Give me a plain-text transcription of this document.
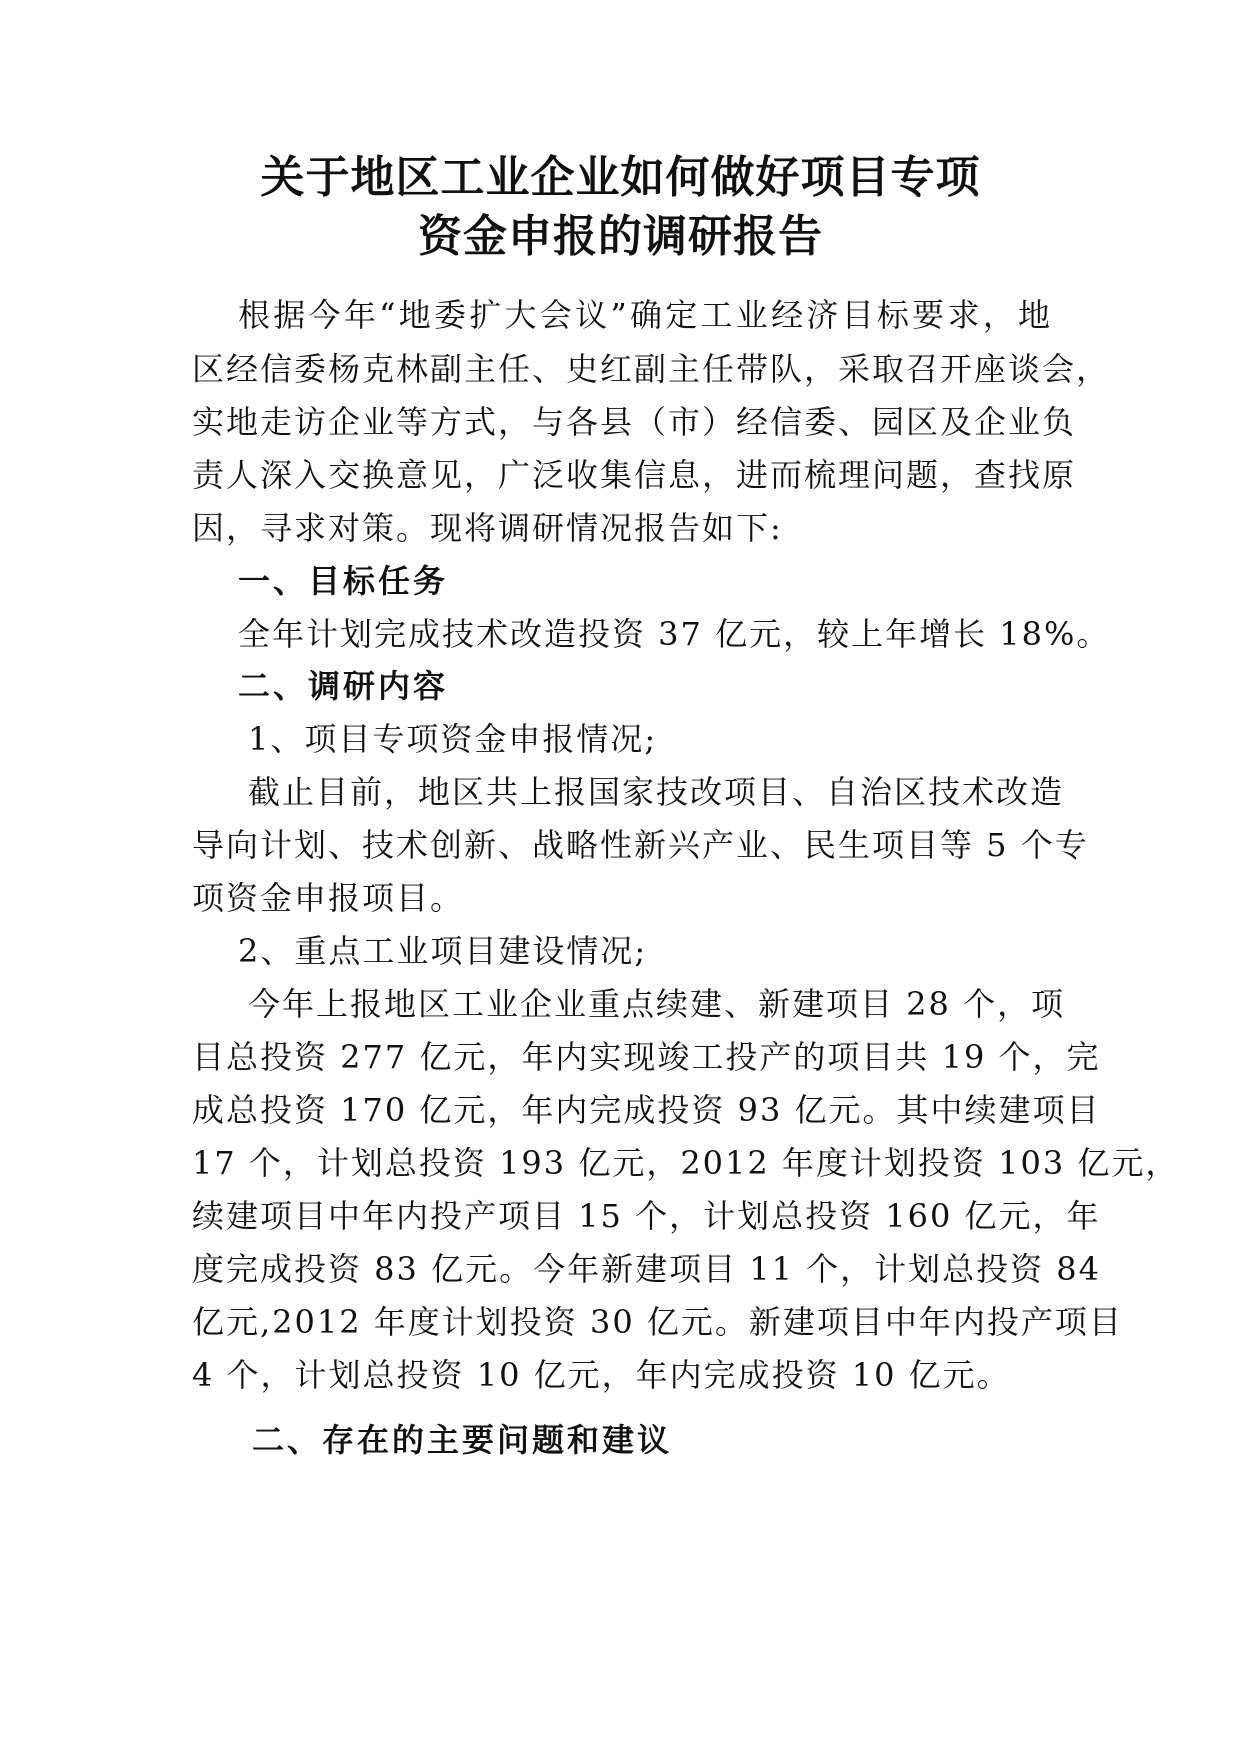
关于地区工业企业如何做好项目专项
资金申报的调研报告
根据今年“地委扩大会议”确定工业经济目标要求，地
区经信委杨克林副主任、史红副主任带队，采取召开座谈会，
实地走访企业等方式，与各县（市）经信委、园区及企业负
责人深入交换意见，广泛收集信息，进而梳理问题，查找原
因，寻求对策。现将调研情况报告如下:
一、目标任务
全年计划完成技术改造投资 37 亿元，较上年增长 18%。
二、调研内容
1、项目专项资金申报情况;
截止目前，地区共上报国家技改项目、自治区技术改造
导向计划、技术创新、战略性新兴产业、民生项目等 5 个专
项资金申报项目。
2、重点工业项目建设情况;
今年上报地区工业企业重点续建、新建项目 28 个，项
目总投资 277 亿元，年内实现竣工投产的项目共 19 个，完
成总投资 170 亿元，年内完成投资 93 亿元。其中续建项目
17 个，计划总投资 193 亿元，2012 年度计划投资 103 亿元，
续建项目中年内投产项目 15 个，计划总投资 160 亿元，年
度完成投资 83 亿元。今年新建项目 11 个，计划总投资 84
亿元,2012 年度计划投资 30 亿元。新建项目中年内投产项目
4 个，计划总投资 10 亿元，年内完成投资 10 亿元。
二、存在的主要问题和建议
